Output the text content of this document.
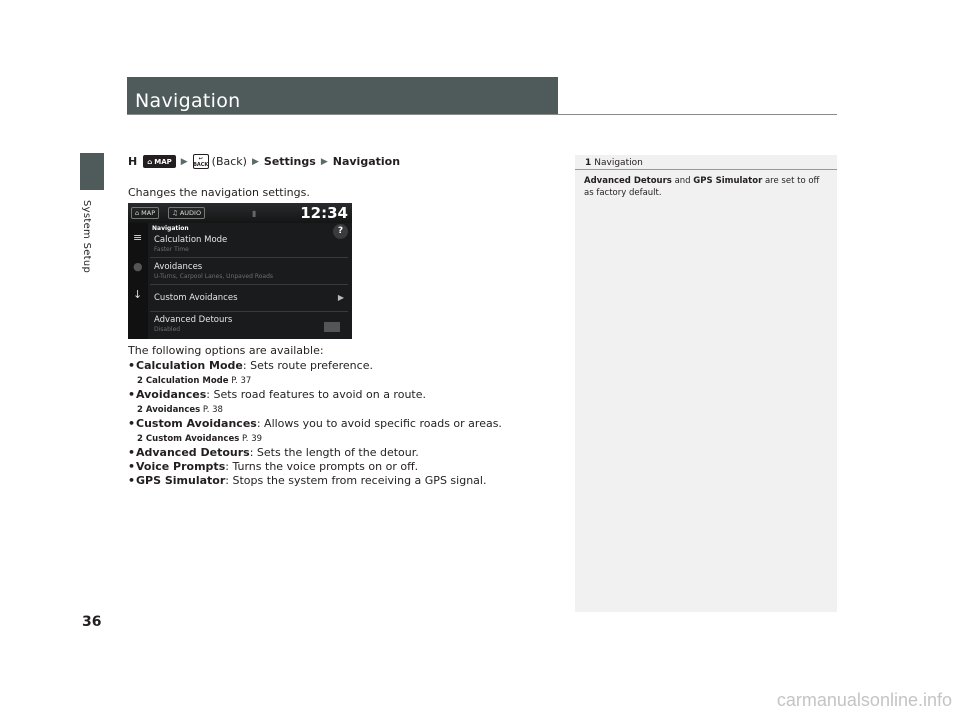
System Setup
36
Navigation
H ⌂ MAP ▶ ↩
BACK (Back) ▶ Settings ▶ Navigation
Changes the navigation settings.
⌂ MAP	♫ AUDIO	▮	12:34
≡
●
↓
Navigation	?
Calculation Mode
Faster Time
Avoidances
U-Turns, Carpool Lanes, Unpaved Roads
Custom Avoidances	▶
Advanced Detours
Disabled
The following options are available:
•Calculation Mode: Sets route preference.
2 Calculation Mode P. 37
•Avoidances: Sets road features to avoid on a route.
2 Avoidances P. 38
•Custom Avoidances: Allows you to avoid specific roads or areas.
2 Custom Avoidances P. 39
•Advanced Detours: Sets the length of the detour.
•Voice Prompts: Turns the voice prompts on or off.
•GPS Simulator: Stops the system from receiving a GPS signal.
1 Navigation
Advanced Detours and GPS Simulator are set to off as factory default.
carmanualsonline.info
